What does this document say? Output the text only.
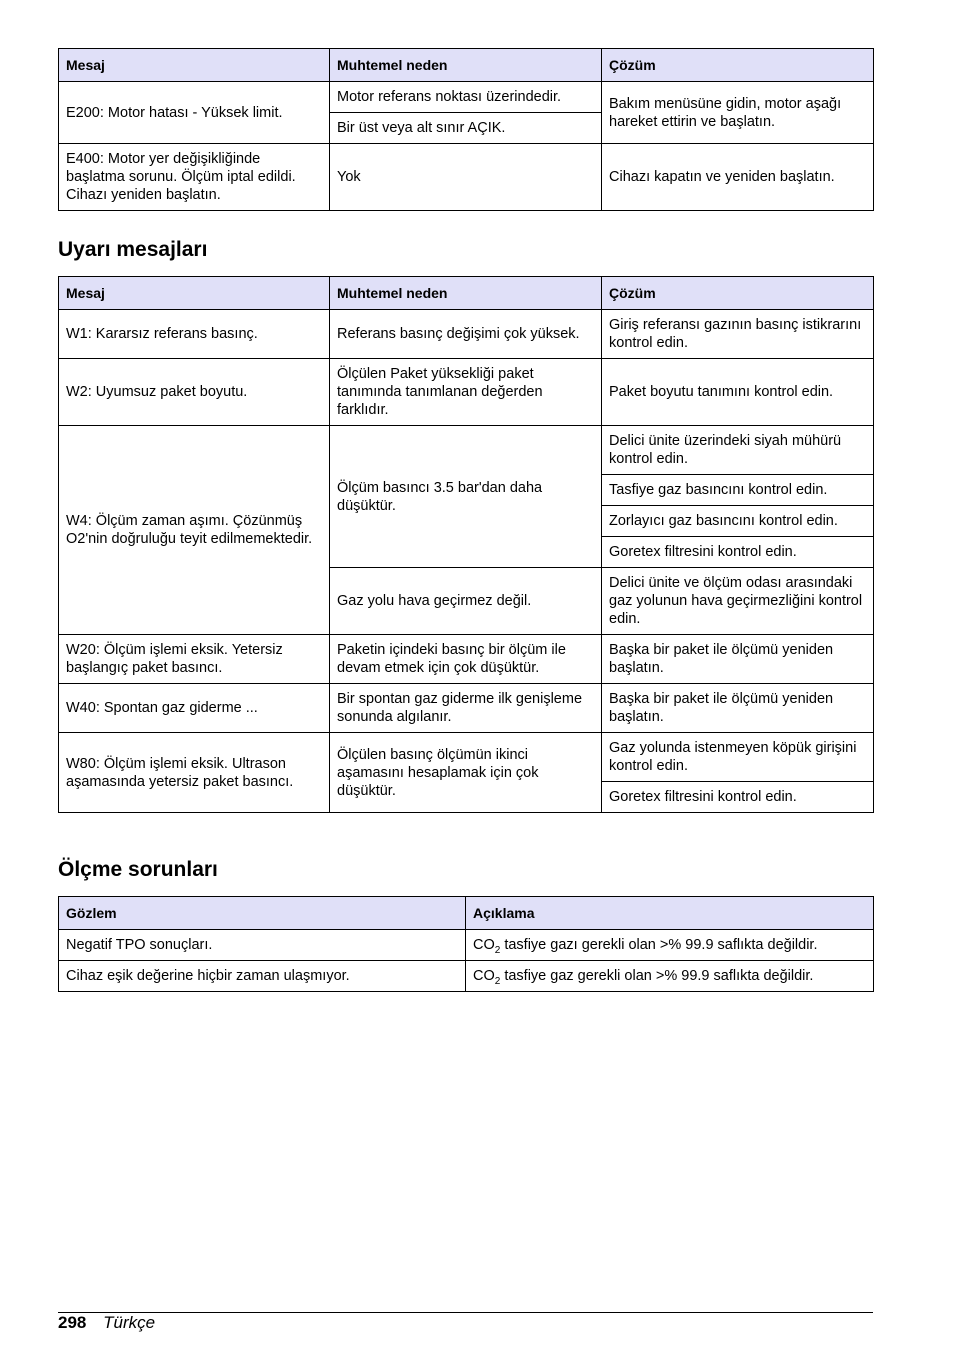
Mesaj	Muhtemel neden	Çözüm
E200: Motor hatası - Yüksek limit.	Motor referans noktası üzerindedir.	Bakım menüsüne gidin, motor aşağı hareket ettirin ve başlatın.
	Bir üst veya alt sınır AÇIK.	
E400: Motor yer değişikliğinde başlatma sorunu. Ölçüm iptal edildi. Cihazı yeniden başlatın.	Yok	Cihazı kapatın ve yeniden başlatın.
Uyarı mesajları
Mesaj	Muhtemel neden	Çözüm
W1: Kararsız referans basınç.	Referans basınç değişimi çok yüksek.	Giriş referansı gazının basınç istikrarını kontrol edin.
W2: Uyumsuz paket boyutu.	Ölçülen Paket yüksekliği paket tanımında tanımlanan değerden farklıdır.	Paket boyutu tanımını kontrol edin.
W4: Ölçüm zaman aşımı. Çözünmüş O2'nin doğruluğu teyit edilmemektedir.	Ölçüm basıncı 3.5 bar'dan daha düşüktür.	Delici ünite üzerindeki siyah mühürü kontrol edin.
		Tasfiye gaz basıncını kontrol edin.
		Zorlayıcı gaz basıncını kontrol edin.
		Goretex filtresini kontrol edin.
	Gaz yolu hava geçirmez değil.	Delici ünite ve ölçüm odası arasındaki gaz yolunun hava geçirmezliğini kontrol edin.
W20: Ölçüm işlemi eksik. Yetersiz başlangıç paket basıncı.	Paketin içindeki basınç bir ölçüm ile devam etmek için çok düşüktür.	Başka bir paket ile ölçümü yeniden başlatın.
W40: Spontan gaz giderme ...	Bir spontan gaz giderme ilk genişleme sonunda algılanır.	Başka bir paket ile ölçümü yeniden başlatın.
W80: Ölçüm işlemi eksik. Ultrason aşamasında yetersiz paket basıncı.	Ölçülen basınç ölçümün ikinci aşamasını hesaplamak için çok düşüktür.	Gaz yolunda istenmeyen köpük girişini kontrol edin.
		Goretex filtresini kontrol edin.
Ölçme sorunları
Gözlem	Açıklama
Negatif TPO sonuçları.	$CO_2$ tasfiye gazı gerekli olan >% 99.9 saflıkta değildir.
Cihaz eşik değerine hiçbir zaman ulaşmıyor.	$CO_2$ tasfiye gaz gerekli olan >% 99.9 saflıkta değildir.
298 Türkçe
